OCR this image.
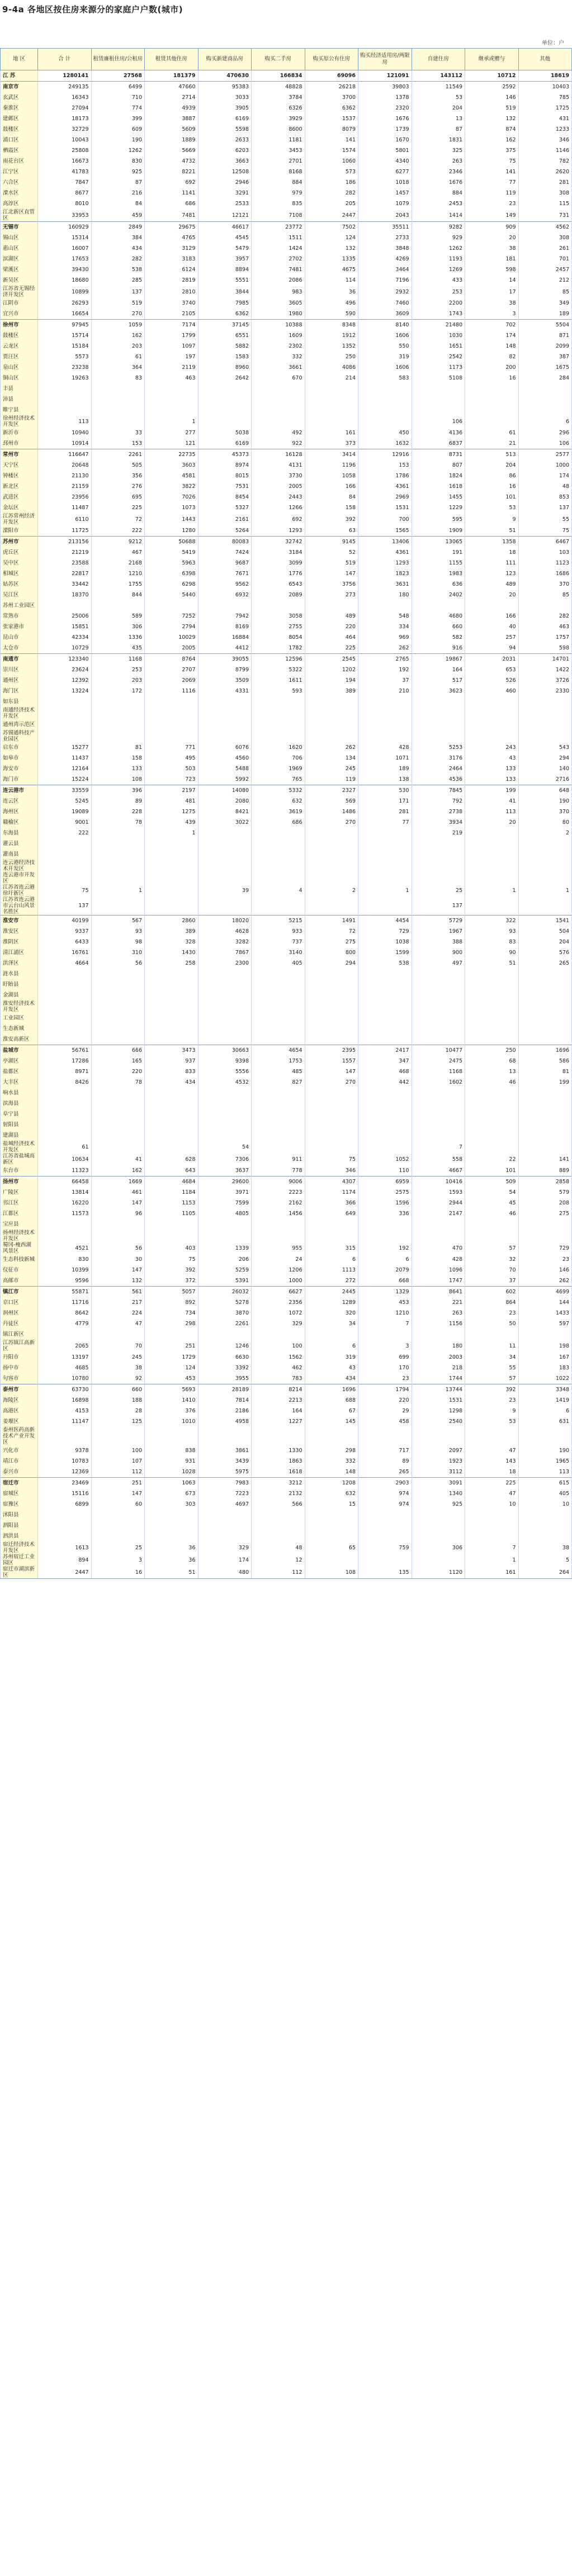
9-4a 各地区按住房来源分的家庭户户数(城市)
单位：户
地 区	合 计	租赁廉租住房/公租房	租赁其他住房	购买新建商品房	购买二手房	购买原公有住房	购买经济适用房/两限房	自建住房	继承或赠与	其他
江 苏	1280141	27568	181379	470630	166834	69096	121091	143112	10712	18619
南京市	249135	6499	47660	95383	48828	26218	39803	11549	2592	10403
玄武区	16343	710	2714	3033	3784	3700	1378	53	146	785
秦淮区	27094	774	4939	3905	6326	6362	2320	204	519	1725
建邺区	18173	399	3887	6169	3929	1537	1676	13	132	431
鼓楼区	32729	609	5609	5598	8600	8079	1739	87	874	1233
浦口区	10043	190	1889	2633	1181	141	1670	1831	162	346
栖霞区	25808	1262	5669	6203	3453	1574	5801	325	375	1146
雨花台区	16673	830	4732	3663	2701	1060	4340	263	75	782
江宁区	41783	925	8221	12508	8168	573	6277	2346	141	2620
六合区	7847	87	692	2946	884	186	1018	1676	77	281
溧水区	8677	216	1141	3291	979	282	1457	884	119	308
高淳区	8010	84	686	2533	835	205	1079	2453	23	115
江北新区直管区	33953	459	7481	12121	7108	2447	2043	1414	149	731
无锡市	160929	2849	29675	46617	23772	7502	35511	9282	909	4562
锡山区	15314	384	4765	4545	1511	124	2733	929	20	308
惠山区	16007	434	3129	5479	1424	132	3848	1262	38	261
滨湖区	17653	282	3183	3957	2702	1335	4269	1193	181	701
梁溪区	39430	538	6124	8894	7481	4675	3464	1269	598	2457
新吴区	18680	285	2819	5551	2086	114	7196	433	14	212
江苏省无锡经济开发区	10899	137	2810	3844	983	36	2932	253	17	85
江阴市	26293	519	3740	7985	3605	496	7460	2200	38	349
宜兴市	16654	270	2105	6362	1980	590	3609	1743	3	189
徐州市	97945	1059	7174	37145	10388	8348	8140	21480	702	5504
鼓楼区	15714	162	1799	6551	1609	1912	1606	1030	174	871
云龙区	15184	203	1097	5882	2302	1352	550	1651	148	2099
贾汪区	5573	61	197	1583	332	250	319	2542	82	387
泉山区	23238	364	2119	8960	3661	4086	1606	1173	200	1675
铜山区	19263	83	463	2642	670	214	583	5108	16	284
丰县										
沛县										
睢宁县										
徐州经济技术开发区	113		1					106		6
新沂市	10940	33	277	5038	492	161	450	4136	61	296
邳州市	10914	153	121	6169	922	373	1632	6837	21	106
常州市	116647	2261	22735	45373	16128	3414	12916	8731	513	2577
天宁区	20648	505	3603	8974	4131	1196	153	807	204	1000
钟楼区	21130	356	4581	8015	3730	1058	1786	1824	86	174
新北区	21159	276	3822	7531	2005	166	4361	1618	16	48
武进区	23956	695	7026	8454	2443	84	2969	1455	101	853
金坛区	11487	225	1073	5327	1266	158	1531	1229	53	137
江苏常州经济开发区	6110	72	1443	2161	692	392	700	595	9	55
溧阳市	11725	222	1280	5264	1293	63	1565	1909	51	75
苏州市	213156	9212	50688	80083	32742	9145	13406	13065	1358	6467
虎丘区	21219	467	5419	7424	3184	52	4361	191	18	103
吴中区	23588	2168	5963	9687	3099	519	1293	1155	111	1123
相城区	22817	1210	6398	7671	1776	147	1823	1983	123	1686
姑苏区	33442	1755	6298	9562	6543	3756	3631	636	489	370
吴江区	18370	844	5440	6932	2089	273	180	2402	20	85
苏州工业园区										
常熟市	25006	589	7252	7942	3058	489	548	4680	166	282
张家港市	15851	306	2794	8169	2755	220	334	660	40	463
昆山市	42334	1336	10029	16884	8054	464	969	582	257	1757
太仓市	10729	435	2005	4412	1782	225	262	916	94	598
南通市	123340	1168	8764	39055	12596	2545	2765	19867	2031	14701
崇川区	23624	253	2707	8799	5322	1202	192	164	653	1422
通州区	12392	203	2069	3509	1611	194	37	517	526	3726
海门区	13224	172	1116	4331	593	389	210	3623	460	2330
如东县										
南通经济技术开发区										
通州湾示范区										
苏锡通科技产业园区										
启东市	15277	81	771	6076	1620	262	428	5253	243	543
如皋市	11437	158	495	4560	706	134	1071	3176	43	294
海安市	12164	133	503	5488	1969	245	189	2464	133	140
海门市	15224	108	723	5992	765	119	138	4536	133	2716
连云港市	33559	396	2197	14080	5332	2327	530	7845	199	648
连云区	5245	89	481	2080	632	569	171	792	41	190
海州区	19089	228	1275	8421	3619	1486	281	2738	113	370
赣榆区	9001	78	439	3022	686	270	77	3934	20	80
东海县	222		1					219		2
灌云县										
灌南县										
连云港经济技术开发区										
连云港市开发区										
江苏省连云港徐圩新区	75	1		39	4	2	1	25	1	1
江苏省连云港市云台山风景名胜区	137							137		
淮安市	40199	567	2860	18020	5215	1491	4454	5729	322	1541
淮安区	9337	93	389	4628	933	72	729	1967	93	504
淮阴区	6433	98	328	3282	737	275	1038	388	83	204
清江浦区	16761	310	1430	7867	3140	800	1599	900	90	576
洪泽区	4664	56	258	2300	405	294	538	497	51	265
涟水县										
盱眙县										
金湖县										
淮安经济技术开发区										
工业园区										
生态新城										
淮安高新区										
盐城市	56761	666	3473	30663	4654	2395	2417	10477	250	1696
亭湖区	17286	165	937	9398	1753	1557	347	2475	68	586
盐都区	8971	220	833	5556	485	147	468	1168	13	81
大丰区	8426	78	434	4532	827	270	442	1602	46	199
响水县										
滨海县										
阜宁县										
射阳县										
建湖县										
盐城经济技术开发区	61			54				7		
江苏省盐城高新区	10634	41	628	7306	911	75	1052	558	22	141
东台市	11323	162	643	3637	778	346	110	4667	101	889
扬州市	66458	1669	4684	29600	9006	4307	6959	10416	509	2858
广陵区	13814	461	1184	3971	2223	1174	2575	1593	54	579
邗江区	16220	147	1153	7599	2162	366	1596	2944	45	208
江都区	11573	96	1105	4805	1456	649	336	2147	46	275
宝应县										
扬州经济技术开发区										
蜀冈-瘦西湖风景区	4521	56	403	1339	955	315	192	470	57	729
生态科技新城	830	30	75	206	24	6	6	428	32	23
仪征市	10399	147	392	5259	1206	1113	2079	1096	70	146
高邮市	9596	132	372	5391	1000	272	668	1747	37	262
镇江市	55871	561	5057	26032	6627	2445	1329	8641	602	4699
京口区	11716	217	892	5278	2356	1289	453	221	864	144
润州区	8642	224	734	3870	1072	320	1210	263	23	1433
丹徒区	4779	47	298	2261	329	34	7	1156	50	597
镇江新区										
江苏镇江高新区	2065	70	251	1246	100	6	3	180	11	198
丹阳市	13197	245	1729	6630	1562	319	699	2003	34	167
扬中市	4685	38	124	3392	462	43	170	218	55	183
句容市	10780	92	453	3955	783	434	23	1744	57	1022
泰州市	63730	660	5693	28189	8214	1696	1794	13744	392	3348
海陵区	16898	188	1410	7814	2213	688	220	1531	23	1419
高港区	4153	28	376	2186	164	67	29	1298	9	6
姜堰区	11147	125	1010	4958	1227	145	458	2540	53	631
泰州医药高新技术产业开发区										
兴化市	9378	100	838	3861	1330	298	717	2097	47	190
靖江市	10783	107	931	3439	1863	332	89	1923	143	1965
泰兴市	12369	112	1028	5975	1618	148	265	3112	18	113
宿迁市	23469	251	1063	7983	3212	1208	2903	3091	225	615
宿城区	15116	147	673	7223	2132	632	974	1340	47	405
宿豫区	6899	60	303	4697	566	15	974	925	10	10
沭阳县										
泗阳县										
泗洪县										
宿迁经济技术开发区	1613	25	36	329	48	65	759	306	7	38
苏州宿迁工业园区	894	3	36	174	12				1	5
宿迁市湖滨新区	2447	16	51	480	112	108	135	1120	161	264
